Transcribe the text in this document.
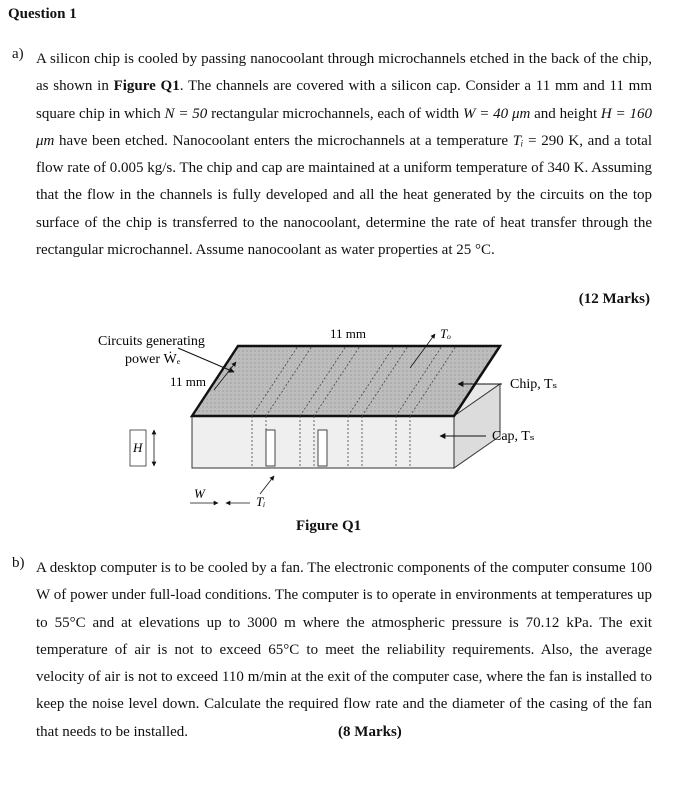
Question 1
a) A silicon chip is cooled by passing nanocoolant through microchannels etched in the back of the chip, as shown in Figure Q1. The channels are covered with a silicon cap. Consider a 11 mm and 11 mm square chip in which N = 50 rectangular microchannels, each of width W = 40 μm and height H = 160 μm have been etched. Nanocoolant enters the microchannels at a temperature Tᵢ = 290 K, and a total flow rate of 0.005 kg/s. The chip and cap are maintained at a uniform temperature of 340 K. Assuming that the flow in the channels is fully developed and all the heat generated by the circuits on the top surface of the chip is transferred to the nanocoolant, determine the rate of heat transfer through the rectangular microchannel. Assume nanocoolant as water properties at 25 °C.
(12 Marks)
Circuits generating
power Ẇₑ
11 mm
11 mm
Tₒ
Chip, Tₛ
Cap, Tₛ
H
W
Tᵢ
Figure Q1
b) A desktop computer is to be cooled by a fan. The electronic components of the computer consume 100 W of power under full-load conditions. The computer is to operate in environments at temperatures up to 55°C and at elevations up to 3000 m where the atmospheric pressure is 70.12 kPa. The exit temperature of air is not to exceed 65°C to meet the reliability requirements. Also, the average velocity of air is not to exceed 110 m/min at the exit of the computer case, where the fan is installed to keep the noise level down. Calculate the required flow rate and the diameter of the casing of the fan that needs to be installed.	(8 Marks)
